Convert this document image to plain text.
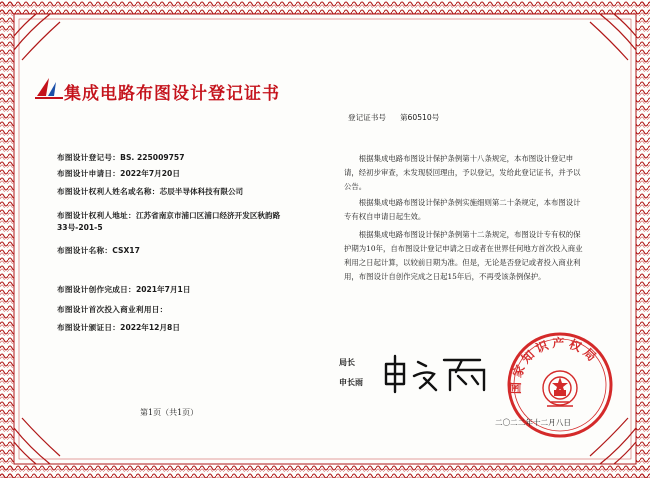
集成电路布图设计登记证书
布图设计登记号：BS. 225009757
布图设计申请日：2022年7月20日
布图设计权利人姓名或名称：芯辰半导体科技有限公司
布图设计权利人地址：江苏省南京市浦口区浦口经济开发区秋韵路33号-201-5
布图设计名称：CSX17
布图设计创作完成日：2021年7月1日
布图设计首次投入商业利用日：
布图设计颁证日：2022年12月8日
第1页（共1页）
登记证书号 第60510号
根据集成电路布图设计保护条例第十八条规定，本布图设计登记申请，经初步审查，未发现驳回理由，予以登记，发给此登记证书，并予以公告。
根据集成电路布图设计保护条例实施细则第二十条规定，本布图设计专有权自申请日起生效。
根据集成电路布图设计保护条例第十二条规定，布图设计专有权的保护期为10年，自布图设计登记申请之日或者在世界任何地方首次投入商业利用之日起计算，以较前日期为准。但是，无论是否登记或者投入商业利用，布图设计自创作完成之日起15年后，不再受该条例保护。
局长
申长雨	国家知识产权局
二〇二二年十二月八日
